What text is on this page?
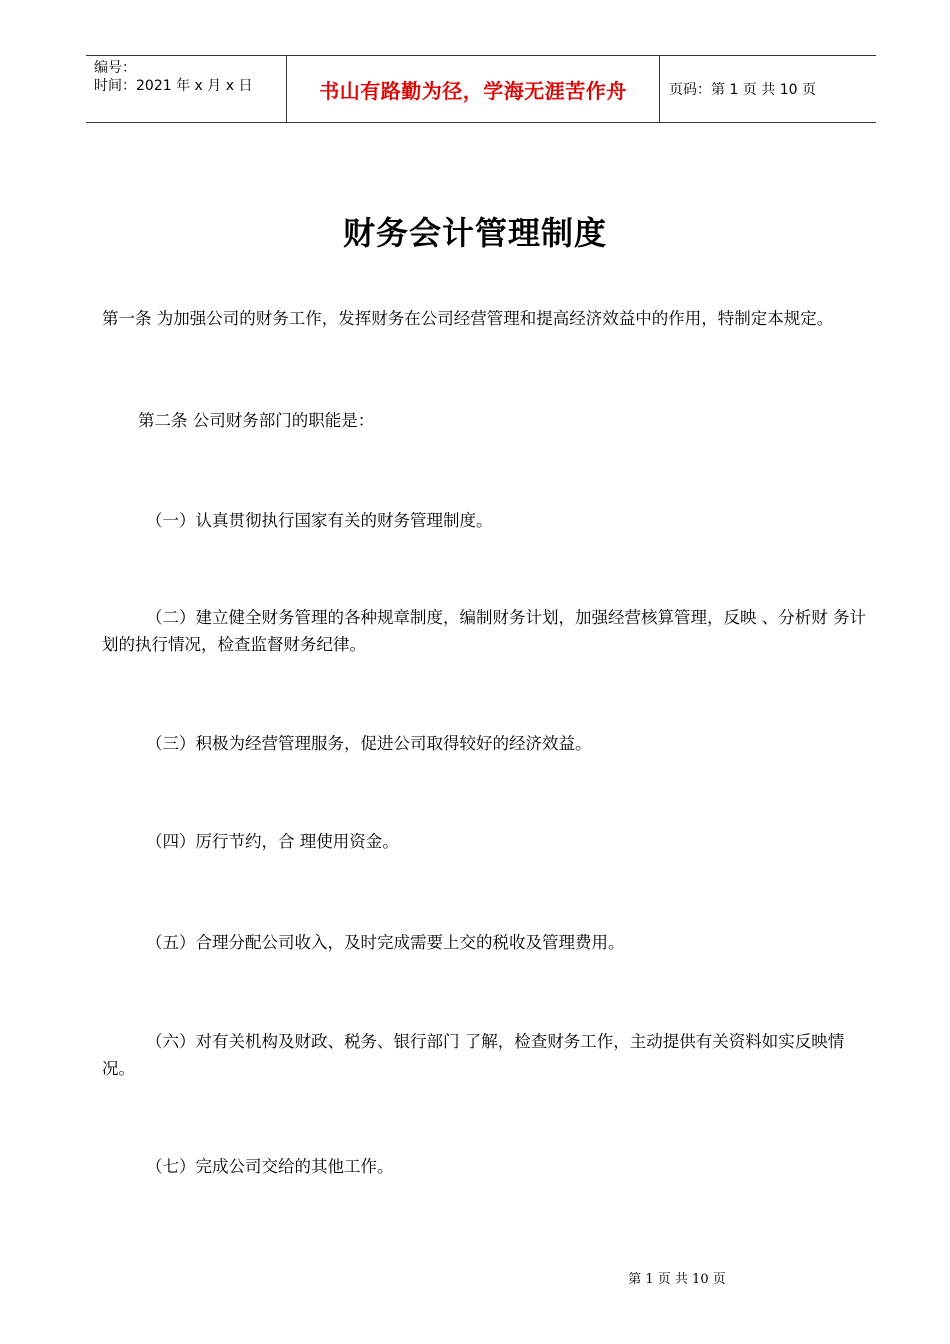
编号：
时间：2021 年 x 月 x 日	书山有路勤为径，学海无涯苦作舟	页码：第 1 页 共 10 页
财务会计管理制度

第一条 为加强公司的财务工作，发挥财务在公司经营管理和提高经济效益中的作用，特制定本规定。

第二条 公司财务部门的职能是：

（一）认真贯彻执行国家有关的财务管理制度。

（二）建立健全财务管理的各种规章制度，编制财务计划，加强经营核算管理，反映 、分析财 务计划的执行情况，检查监督财务纪律。

（三）积极为经营管理服务，促进公司取得较好的经济效益。

（四）厉行节约，合 理使用资金。

（五）合理分配公司收入，及时完成需要上交的税收及管理费用。

（六）对有关机构及财政、税务、银行部门 了解，检查财务工作，主动提供有关资料如实反映情况。

（七）完成公司交给的其他工作。

第 1 页 共 10 页
